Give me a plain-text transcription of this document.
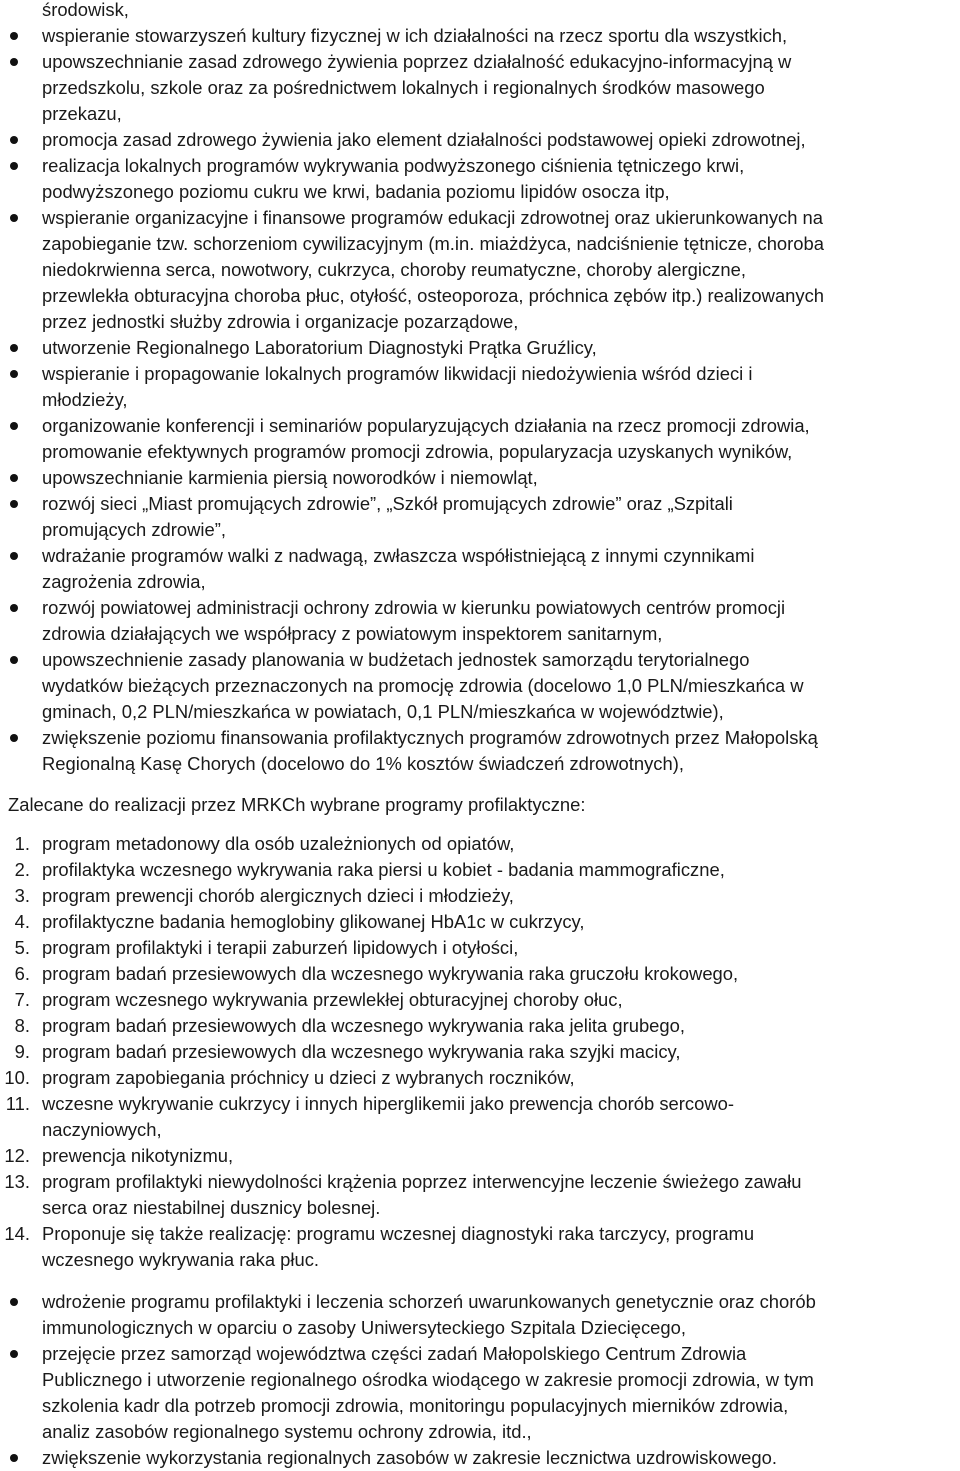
środowisk,
wspieranie stowarzyszeń kultury fizycznej w ich działalności na rzecz sportu dla wszystkich,
upowszechnianie zasad zdrowego żywienia poprzez działalność edukacyjno-informacyjną w
przedszkolu, szkole oraz za pośrednictwem lokalnych i regionalnych środków masowego
przekazu,
promocja zasad zdrowego żywienia jako element działalności podstawowej opieki zdrowotnej,
realizacja lokalnych programów wykrywania podwyższonego ciśnienia tętniczego krwi,
podwyższonego poziomu cukru we krwi, badania poziomu lipidów osocza itp,
wspieranie organizacyjne i finansowe programów edukacji zdrowotnej oraz ukierunkowanych na
zapobieganie tzw. schorzeniom cywilizacyjnym (m.in. miażdżyca, nadciśnienie tętnicze, choroba
niedokrwienna serca, nowotwory, cukrzyca, choroby reumatyczne, choroby alergiczne,
przewlekła obturacyjna choroba płuc, otyłość, osteoporoza, próchnica zębów itp.) realizowanych
przez jednostki służby zdrowia i organizacje pozarządowe,
utworzenie Regionalnego Laboratorium Diagnostyki Prątka Gruźlicy,
wspieranie i propagowanie lokalnych programów likwidacji niedożywienia wśród dzieci i
młodzieży,
organizowanie konferencji i seminariów popularyzujących działania na rzecz promocji zdrowia,
promowanie efektywnych programów promocji zdrowia, popularyzacja uzyskanych wyników,
upowszechnianie karmienia piersią noworodków i niemowląt,
rozwój sieci „Miast promujących zdrowie”, „Szkół promujących zdrowie” oraz „Szpitali
promujących zdrowie”,
wdrażanie programów walki z nadwagą, zwłaszcza współistniejącą z innymi czynnikami
zagrożenia zdrowia,
rozwój powiatowej administracji ochrony zdrowia w kierunku powiatowych centrów promocji
zdrowia działających we współpracy z powiatowym inspektorem sanitarnym,
upowszechnienie zasady planowania w budżetach jednostek samorządu terytorialnego
wydatków bieżących przeznaczonych na promocję zdrowia (docelowo 1,0 PLN/mieszkańca w
gminach, 0,2 PLN/mieszkańca w powiatach, 0,1 PLN/mieszkańca w województwie),
zwiększenie poziomu finansowania profilaktycznych programów zdrowotnych przez Małopolską
Regionalną Kasę Chorych (docelowo do 1% kosztów świadczeń zdrowotnych),
Zalecane do realizacji przez MRKCh wybrane programy profilaktyczne:
1. program metadonowy dla osób uzależnionych od opiatów,
2. profilaktyka wczesnego wykrywania raka piersi u kobiet - badania mammograficzne,
3. program prewencji chorób alergicznych dzieci i młodzieży,
4. profilaktyczne badania hemoglobiny glikowanej HbA1c w cukrzycy,
5. program profilaktyki i terapii zaburzeń lipidowych i otyłości,
6. program badań przesiewowych dla wczesnego wykrywania raka gruczołu krokowego,
7. program wczesnego wykrywania przewlekłej obturacyjnej choroby ołuc,
8. program badań przesiewowych dla wczesnego wykrywania raka jelita grubego,
9. program badań przesiewowych dla wczesnego wykrywania raka szyjki macicy,
10. program zapobiegania próchnicy u dzieci z wybranych roczników,
11. wczesne wykrywanie cukrzycy i innych hiperglikemii jako prewencja chorób sercowo-
naczyniowych,
12. prewencja nikotynizmu,
13. program profilaktyki niewydolności krążenia poprzez interwencyjne leczenie świeżego zawału
serca oraz niestabilnej dusznicy bolesnej.
14. Proponuje się także realizację: programu wczesnej diagnostyki raka tarczycy, programu
wczesnego wykrywania raka płuc.
wdrożenie programu profilaktyki i leczenia schorzeń uwarunkowanych genetycznie oraz chorób
immunologicznych w oparciu o zasoby Uniwersyteckiego Szpitala Dziecięcego,
przejęcie przez samorząd województwa części zadań Małopolskiego Centrum Zdrowia
Publicznego i utworzenie regionalnego ośrodka wiodącego w zakresie promocji zdrowia, w tym
szkolenia kadr dla potrzeb promocji zdrowia, monitoringu populacyjnych mierników zdrowia,
analiz zasobów regionalnego systemu ochrony zdrowia, itd.,
zwiększenie wykorzystania regionalnych zasobów w zakresie lecznictwa uzdrowiskowego.
